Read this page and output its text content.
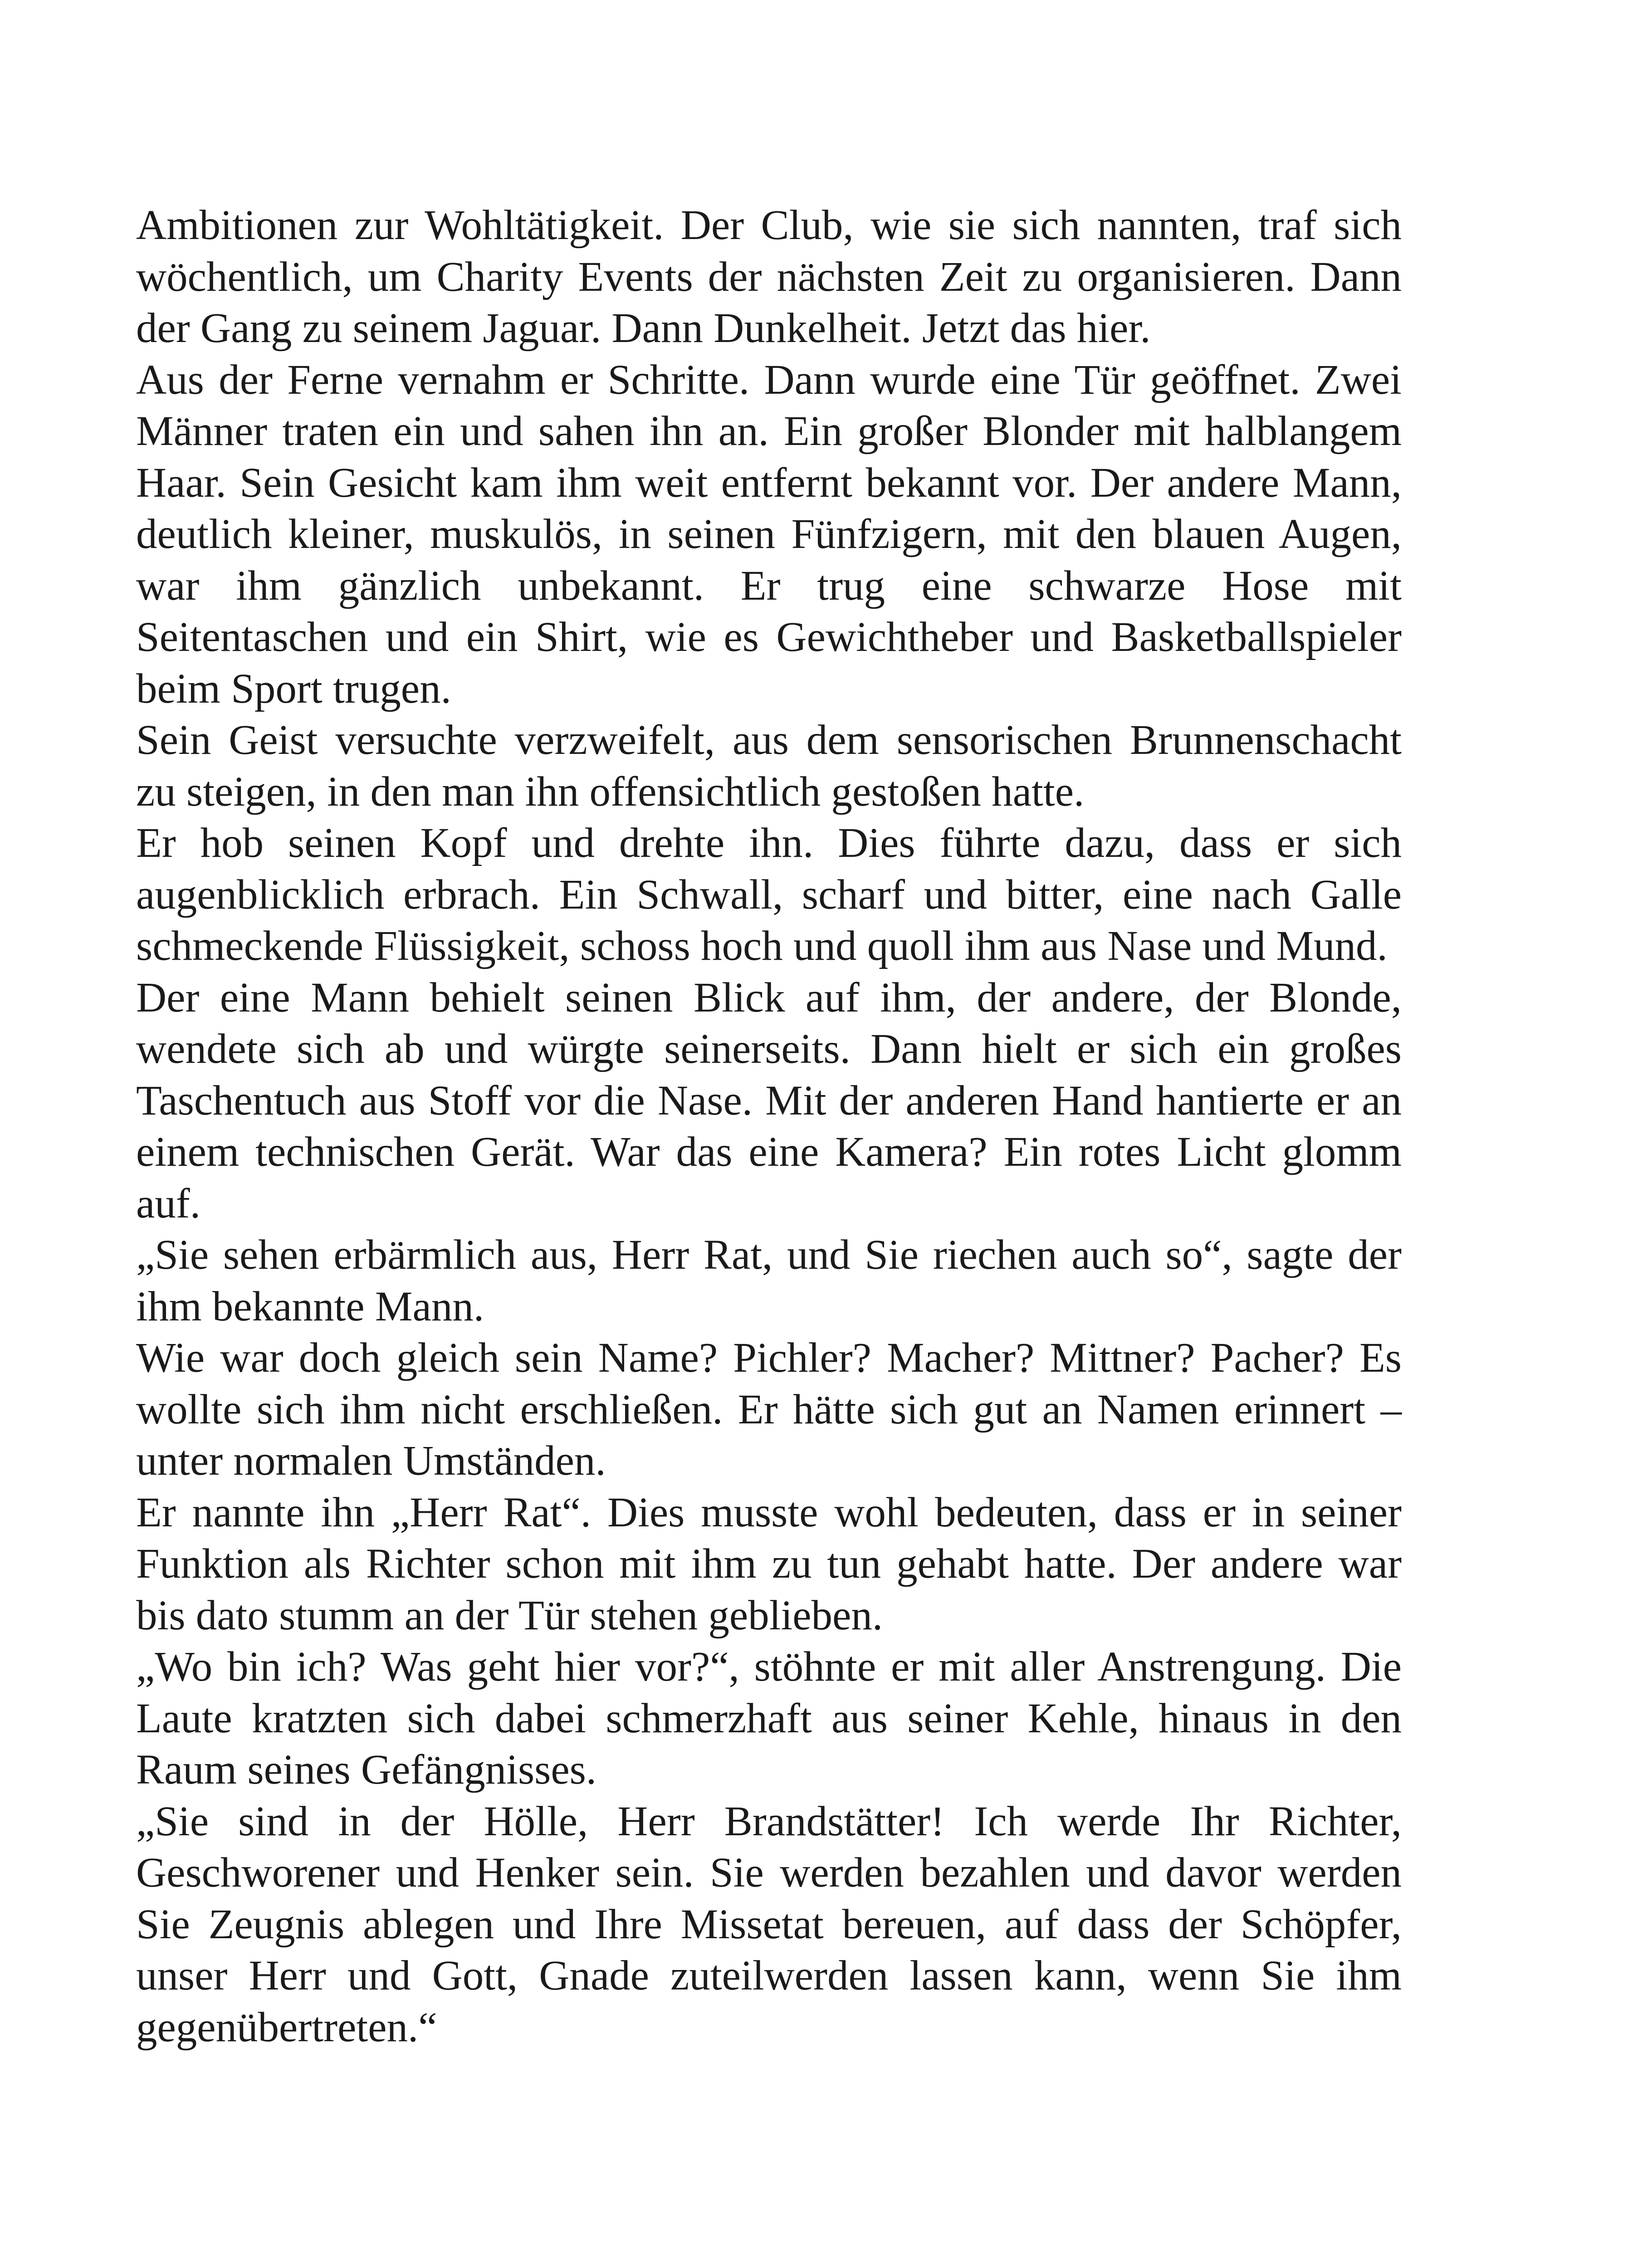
Ambitionen zur Wohltätigkeit. Der Club, wie sie sich nannten, traf sich wöchentlich, um Charity Events der nächsten Zeit zu organisieren. Dann der Gang zu seinem Jaguar. Dann Dunkelheit. Jetzt das hier.

Aus der Ferne vernahm er Schritte. Dann wurde eine Tür geöffnet. Zwei Männer traten ein und sahen ihn an. Ein großer Blonder mit halblangem Haar. Sein Gesicht kam ihm weit entfernt bekannt vor. Der andere Mann, deutlich kleiner, muskulös, in seinen Fünfzigern, mit den blauen Augen, war ihm gänzlich unbekannt. Er trug eine schwarze Hose mit Seitentaschen und ein Shirt, wie es Gewichtheber und Basketballspieler beim Sport trugen.

Sein Geist versuchte verzweifelt, aus dem sensorischen Brunnenschacht zu steigen, in den man ihn offensichtlich gestoßen hatte.

Er hob seinen Kopf und drehte ihn. Dies führte dazu, dass er sich augenblicklich erbrach. Ein Schwall, scharf und bitter, eine nach Galle schmeckende Flüssigkeit, schoss hoch und quoll ihm aus Nase und Mund.

Der eine Mann behielt seinen Blick auf ihm, der andere, der Blonde, wendete sich ab und würgte seinerseits. Dann hielt er sich ein großes Taschentuch aus Stoff vor die Nase. Mit der anderen Hand hantierte er an einem technischen Gerät. War das eine Kamera? Ein rotes Licht glomm auf.

„Sie sehen erbärmlich aus, Herr Rat, und Sie riechen auch so“, sagte der ihm bekannte Mann.

Wie war doch gleich sein Name? Pichler? Macher? Mittner? Pacher? Es wollte sich ihm nicht erschließen. Er hätte sich gut an Namen erinnert – unter normalen Umständen.

Er nannte ihn „Herr Rat“. Dies musste wohl bedeuten, dass er in seiner Funktion als Richter schon mit ihm zu tun gehabt hatte. Der andere war bis dato stumm an der Tür stehen geblieben.

„Wo bin ich? Was geht hier vor?“, stöhnte er mit aller Anstrengung. Die Laute kratzten sich dabei schmerzhaft aus seiner Kehle, hinaus in den Raum seines Gefängnisses.

„Sie sind in der Hölle, Herr Brandstätter! Ich werde Ihr Richter, Geschworener und Henker sein. Sie werden bezahlen und davor werden Sie Zeugnis ablegen und Ihre Missetat bereuen, auf dass der Schöpfer, unser Herr und Gott, Gnade zuteilwerden lassen kann, wenn Sie ihm gegenübertreten.“
